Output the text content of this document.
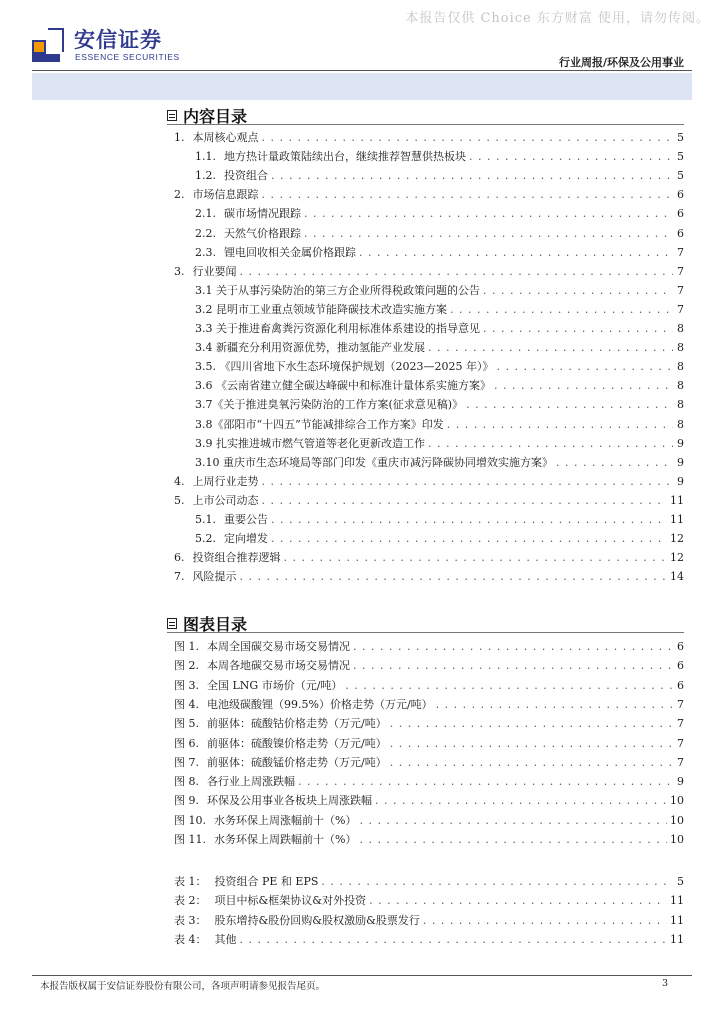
本报告仅供 Choice 东方财富 使用，请勿传阅。
安信证券
ESSENCE SECURITIES	行业周报/环保及公用事业
内容目录
1. 本周核心观点 . . .	5
1.1. 地方热计量政策陆续出台，继续推荐智慧供热板块 . . .	5
1.2. 投资组合 . . .	5
2. 市场信息跟踪 . . .	6
2.1. 碳市场情况跟踪 . . .	6
2.2. 天然气价格跟踪 . . .	6
2.3. 锂电回收相关金属价格跟踪 . . .	7
3. 行业要闻 . . .	7
3.1 关于从事污染防治的第三方企业所得税政策问题的公告 . . .	7
3.2 昆明市工业重点领域节能降碳技术改造实施方案 . . .	7
3.3 关于推进畜禽粪污资源化利用标准体系建设的指导意见 . . .	8
3.4 新疆充分利用资源优势，推动氢能产业发展 . . .	8
3.5. 《四川省地下水生态环境保护规划（2023—2025 年）》 . . .	8
3.6 《云南省建立健全碳达峰碳中和标准计量体系实施方案》 . . .	8
3.7《关于推进臭氧污染防治的工作方案(征求意见稿)》 . . .	8
3.8《邵阳市“十四五”节能减排综合工作方案》印发 . . .	8
3.9 扎实推进城市燃气管道等老化更新改造工作 . . .	9
3.10 重庆市生态环境局等部门印发《重庆市减污降碳协同增效实施方案》 . . .	9
4. 上周行业走势 . . .	9
5. 上市公司动态 . . .	11
5.1. 重要公告 . . .	11
5.2. 定向增发 . . .	12
6. 投资组合推荐逻辑 . . .	12
7. 风险提示 . . .	14
图表目录
图 1. 本周全国碳交易市场交易情况 . . .	6
图 2. 本周各地碳交易市场交易情况 . . .	6
图 3. 全国 LNG 市场价（元/吨） . . .	6
图 4. 电池级碳酸锂（99.5%）价格走势（万元/吨） . . .	7
图 5. 前驱体：硫酸钴价格走势（万元/吨） . . .	7
图 6. 前驱体：硫酸镍价格走势（万元/吨） . . .	7
图 7. 前驱体：硫酸锰价格走势（万元/吨） . . .	7
图 8. 各行业上周涨跌幅 . . .	9
图 9. 环保及公用事业各板块上周涨跌幅 . . .	10
图 10. 水务环保上周涨幅前十（%） . . .	10
图 11. 水务环保上周跌幅前十（%） . . .	10
表 1： 投资组合 PE 和 EPS . . .	5
表 2： 项目中标&框架协议&对外投资 . . .	11
表 3： 股东增持&股份回购&股权激励&股票发行 . . .	11
表 4： 其他 . . .	11
本报告版权属于安信证券股份有限公司，各项声明请参见报告尾页。	3
